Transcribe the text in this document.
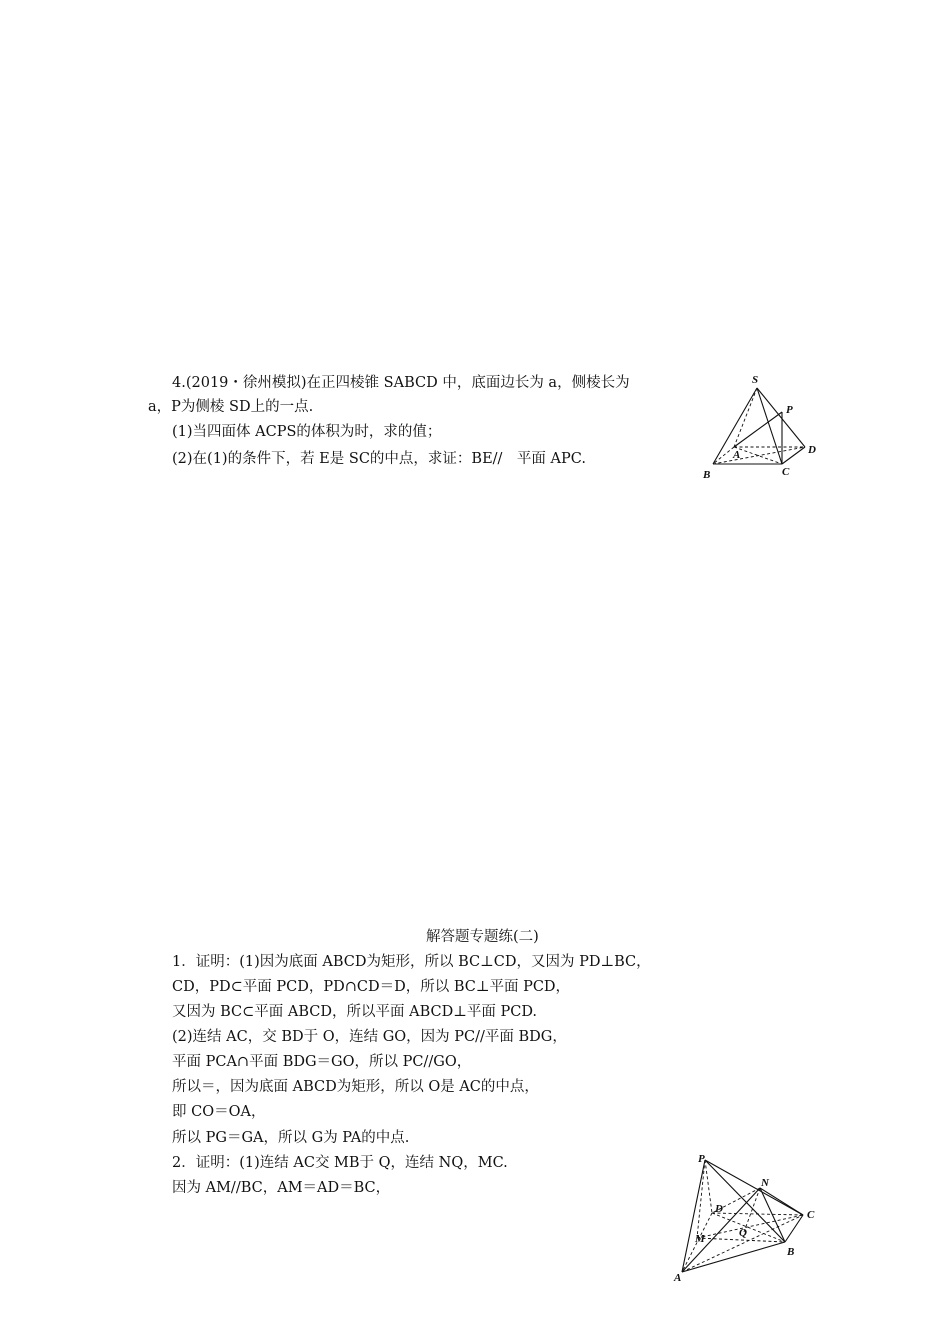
4.(2019・徐州模拟)在正四棱锥 SABCD 中，底面边长为 a，侧棱长为
a，P为侧棱 SD上的一点.
(1)当四面体 ACPS的体积为时，求的值；
(2)在(1)的条件下，若 E是 SC的中点，求证：BE//　平面 APC.
S
P
D
A
B	C
解答题专题练(二)
1．证明：(1)因为底面 ABCD为矩形，所以 BC⊥CD，又因为 PD⊥BC，
CD，PD⊂平面 PCD，PD∩CD＝D，所以 BC⊥平面 PCD，
又因为 BC⊂平面 ABCD，所以平面 ABCD⊥平面 PCD.
(2)连结 AC，交 BD于 O，连结 GO，因为 PC//平面 BDG，
平面 PCA∩平面 BDG＝GO，所以 PC//GO，
所以＝，因为底面 ABCD为矩形，所以 O是 AC的中点，
即 CO＝OA，
所以 PG＝GA，所以 G为 PA的中点.
2．证明：(1)连结 AC交 MB于 Q，连结 NQ，MC.
因为 AM//BC，AM＝AD＝BC，
P
N
C
D
M	Q
B
A
